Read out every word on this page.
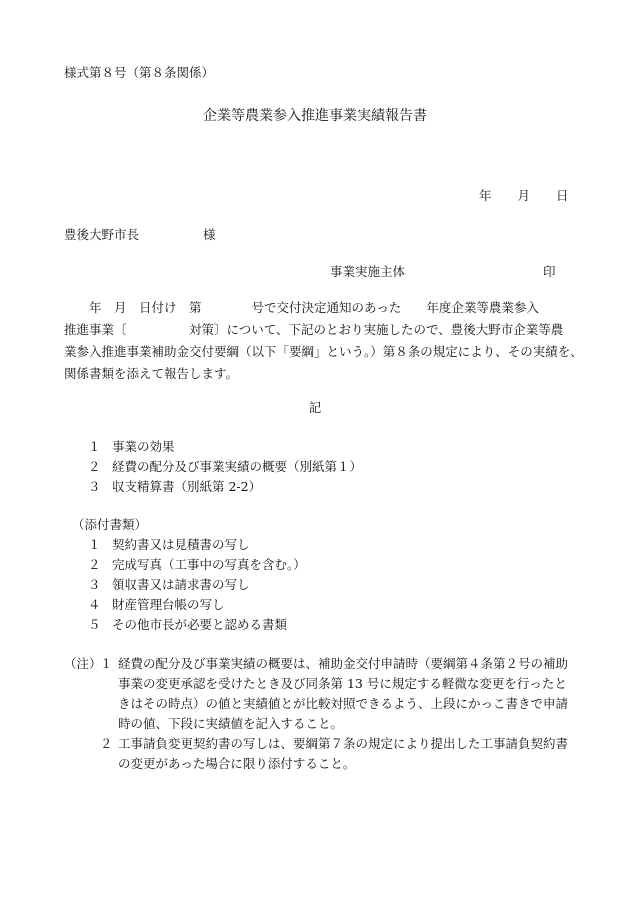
様式第８号（第８条関係）
企業等農業参入推進事業実績報告書
年 月 日
豊後大野市長	様
事業実施主体	印
　　年　月　日付け　第　　　　号で交付決定通知のあった　　年度企業等農業参入
推進事業〔　　　　　対策〕について、下記のとおり実施したので、豊後大野市企業等農
業参入推進事業補助金交付要綱（以下「要綱」という。）第８条の規定により、その実績を、
関係書類を添えて報告します。
記
１ 事業の効果
２ 経費の配分及び事業実績の概要（別紙第１）
３ 収支精算書（別紙第 2-2）
（添付書類）
１ 契約書又は見積書の写し
２ 完成写真（工事中の写真を含む。）
３ 領収書又は請求書の写し
４ 財産管理台帳の写し
５ その他市長が必要と認める書類
（注）
１ 経費の配分及び事業実績の概要は、補助金交付申請時（要綱第４条第２号の補助
事業の変更承認を受けたとき及び同条第 13 号に規定する軽微な変更を行ったと
きはその時点）の値と実績値とが比較対照できるよう、上段にかっこ書きで申請
時の値、下段に実績値を記入すること。
２ 工事請負変更契約書の写しは、要綱第７条の規定により提出した工事請負契約書
の変更があった場合に限り添付すること。
